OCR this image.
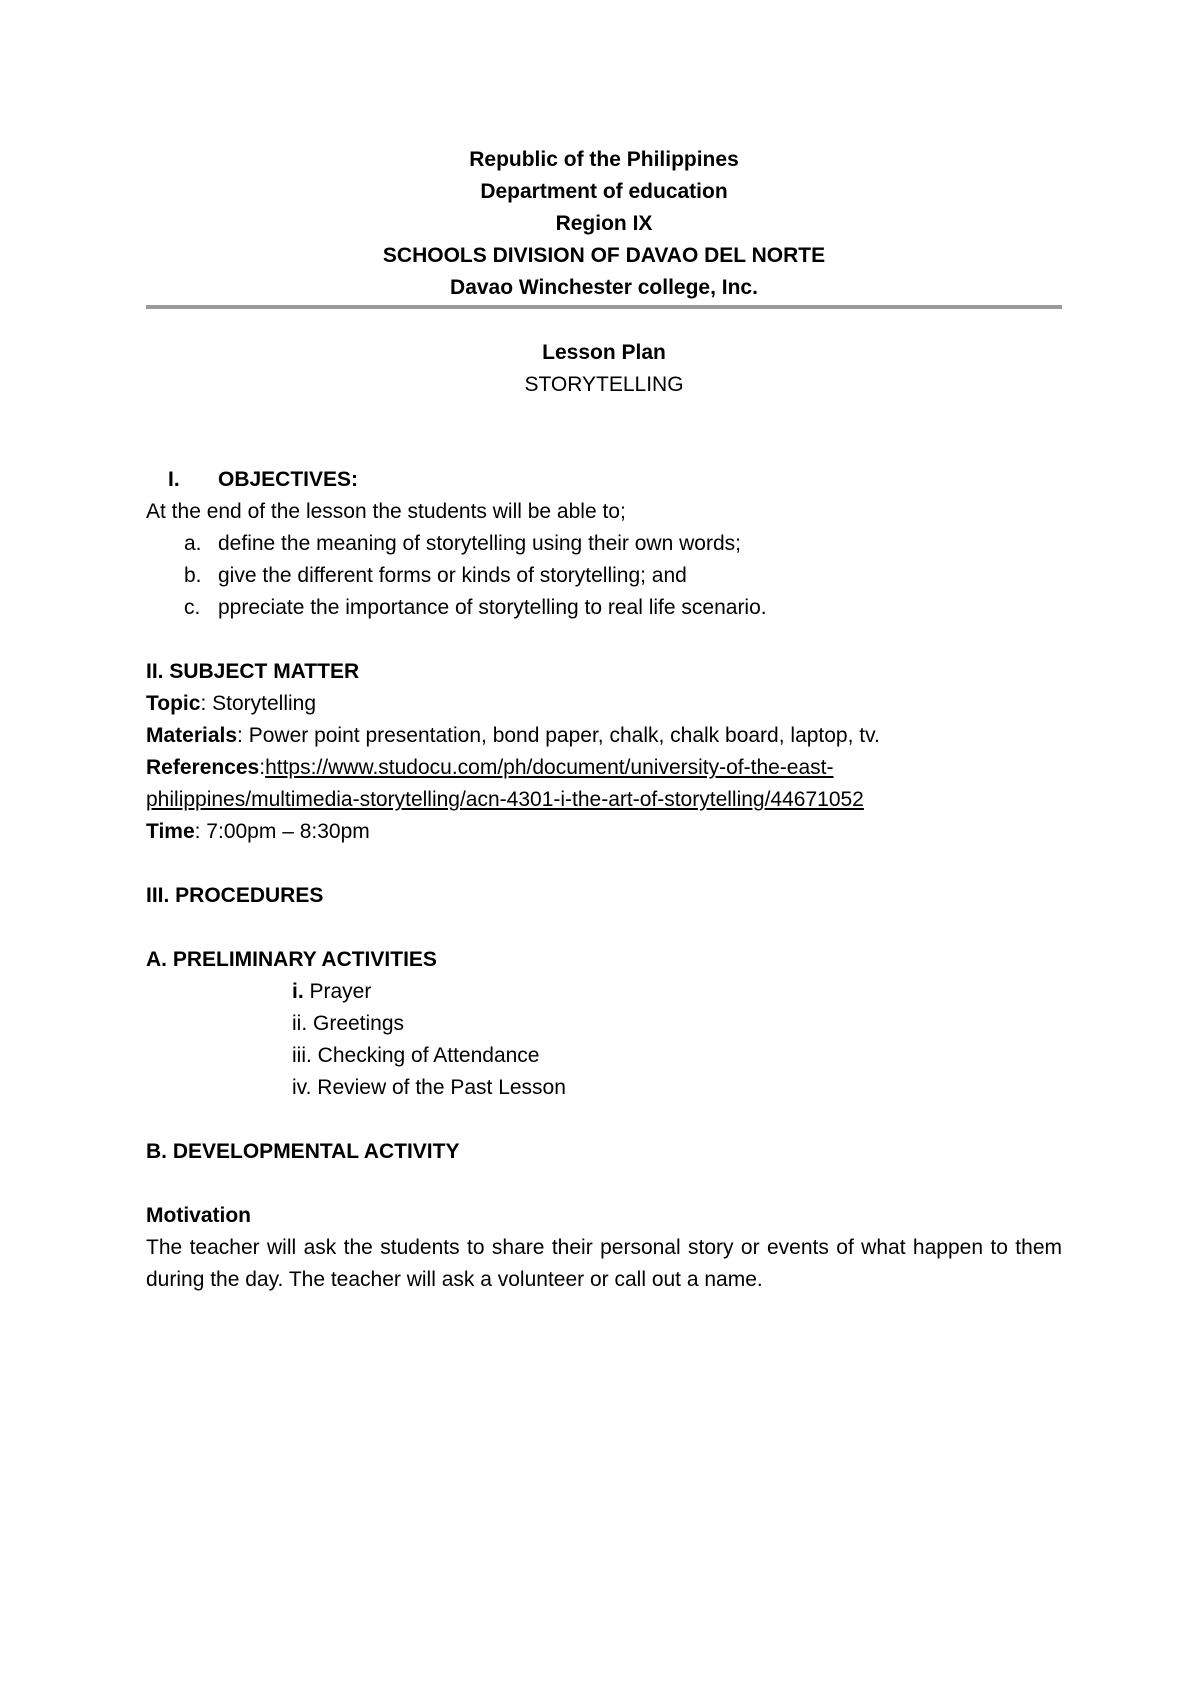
Republic of the Philippines
Department of education
Region IX
SCHOOLS DIVISION OF DAVAO DEL NORTE
Davao Winchester college, Inc.
Lesson Plan
STORYTELLING
I. OBJECTIVES:
At the end of the lesson the students will be able to;
a. define the meaning of storytelling using their own words;
b. give the different forms or kinds of storytelling; and
c. ppreciate the importance of storytelling to real life scenario.
II. SUBJECT MATTER
Topic: Storytelling
Materials: Power point presentation, bond paper, chalk, chalk board, laptop, tv.
References:https://www.studocu.com/ph/document/university-of-the-east-
philippines/multimedia-storytelling/acn-4301-i-the-art-of-storytelling/44671052
Time: 7:00pm – 8:30pm
III. PROCEDURES
A. PRELIMINARY ACTIVITIES
i. Prayer
ii. Greetings
iii. Checking of Attendance
iv. Review of the Past Lesson
B. DEVELOPMENTAL ACTIVITY
Motivation
The teacher will ask the students to share their personal story or events of what happen to them during the day. The teacher will ask a volunteer or call out a name.
